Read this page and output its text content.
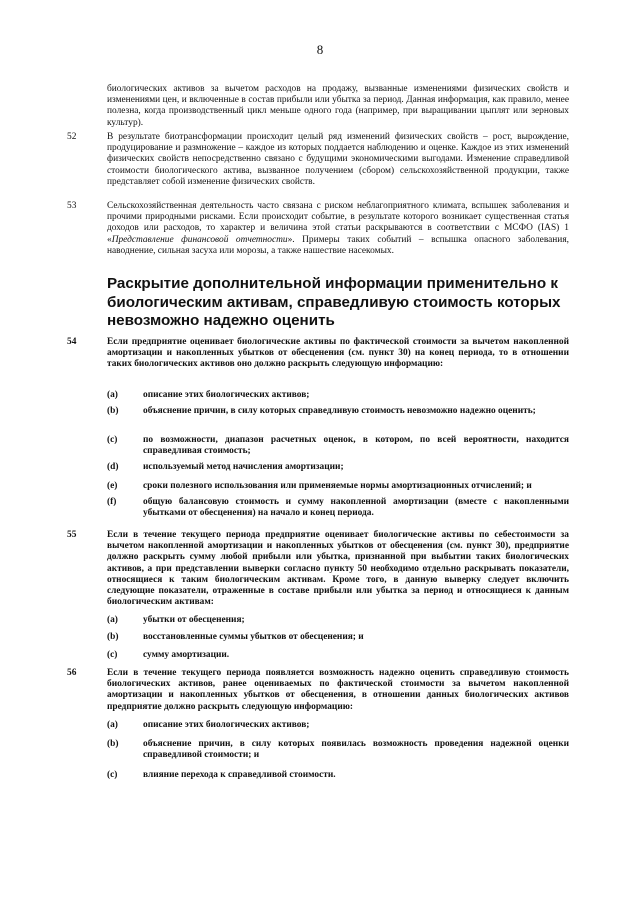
8
биологических активов за вычетом расходов на продажу, вызванные изменениями физических свойств и изменениями цен, и включенные в состав прибыли или убытка за период. Данная информация, как правило, менее полезна, когда производственный цикл меньше одного года (например, при выращивании цыплят или зерновых культур).
52	В результате биотрансформации происходит целый ряд изменений физических свойств – рост, вырождение, продуцирование и размножение – каждое из которых поддается наблюдению и оценке. Каждое из этих изменений физических свойств непосредственно связано с будущими экономическими выгодами. Изменение справедливой стоимости биологического актива, вызванное получением (сбором) сельскохозяйственной продукции, также представляет собой изменение физических свойств.
53	Сельскохозяйственная деятельность часто связана с риском неблагоприятного климата, вспышек заболевания и прочими природными рисками. Если происходит событие, в результате которого возникает существенная статья доходов или расходов, то характер и величина этой статьи раскрываются в соответствии с МСФО (IAS) 1 «Представление финансовой отчетности». Примеры таких событий – вспышка опасного заболевания, наводнение, сильная засуха или морозы, а также нашествие насекомых.
Раскрытие дополнительной информации применительно к биологическим активам, справедливую стоимость которых невозможно надежно оценить
54	Если предприятие оценивает биологические активы по фактической стоимости за вычетом накопленной амортизации и накопленных убытков от обесценения (см. пункт 30) на конец периода, то в отношении таких биологических активов оно должно раскрыть следующую информацию:
(a)	описание этих биологических активов;
(b)	объяснение причин, в силу которых справедливую стоимость невозможно надежно оценить;
(c)	по возможности, диапазон расчетных оценок, в котором, по всей вероятности, находится справедливая стоимость;
(d)	используемый метод начисления амортизации;
(e)	сроки полезного использования или применяемые нормы амортизационных отчислений; и
(f)	общую балансовую стоимость и сумму накопленной амортизации (вместе с накопленными убытками от обесценения) на начало и конец периода.
55	Если в течение текущего периода предприятие оценивает биологические активы по себестоимости за вычетом накопленной амортизации и накопленных убытков от обесценения (см. пункт 30), предприятие должно раскрыть сумму любой прибыли или убытка, признанной при выбытии таких биологических активов, а при представлении выверки согласно пункту 50 необходимо отдельно раскрывать показатели, относящиеся к таким биологическим активам. Кроме того, в данную выверку следует включить следующие показатели, отраженные в составе прибыли или убытка за период и относящиеся к данным биологическим активам:
(a)	убытки от обесценения;
(b)	восстановленные суммы убытков от обесценения; и
(c)	сумму амортизации.
56	Если в течение текущего периода появляется возможность надежно оценить справедливую стоимость биологических активов, ранее оцениваемых по фактической стоимости за вычетом накопленной амортизации и накопленных убытков от обесценения, в отношении данных биологических активов предприятие должно раскрыть следующую информацию:
(a)	описание этих биологических активов;
(b)	объяснение причин, в силу которых появилась возможность проведения надежной оценки справедливой стоимости; и
(c)	влияние перехода к справедливой стоимости.
